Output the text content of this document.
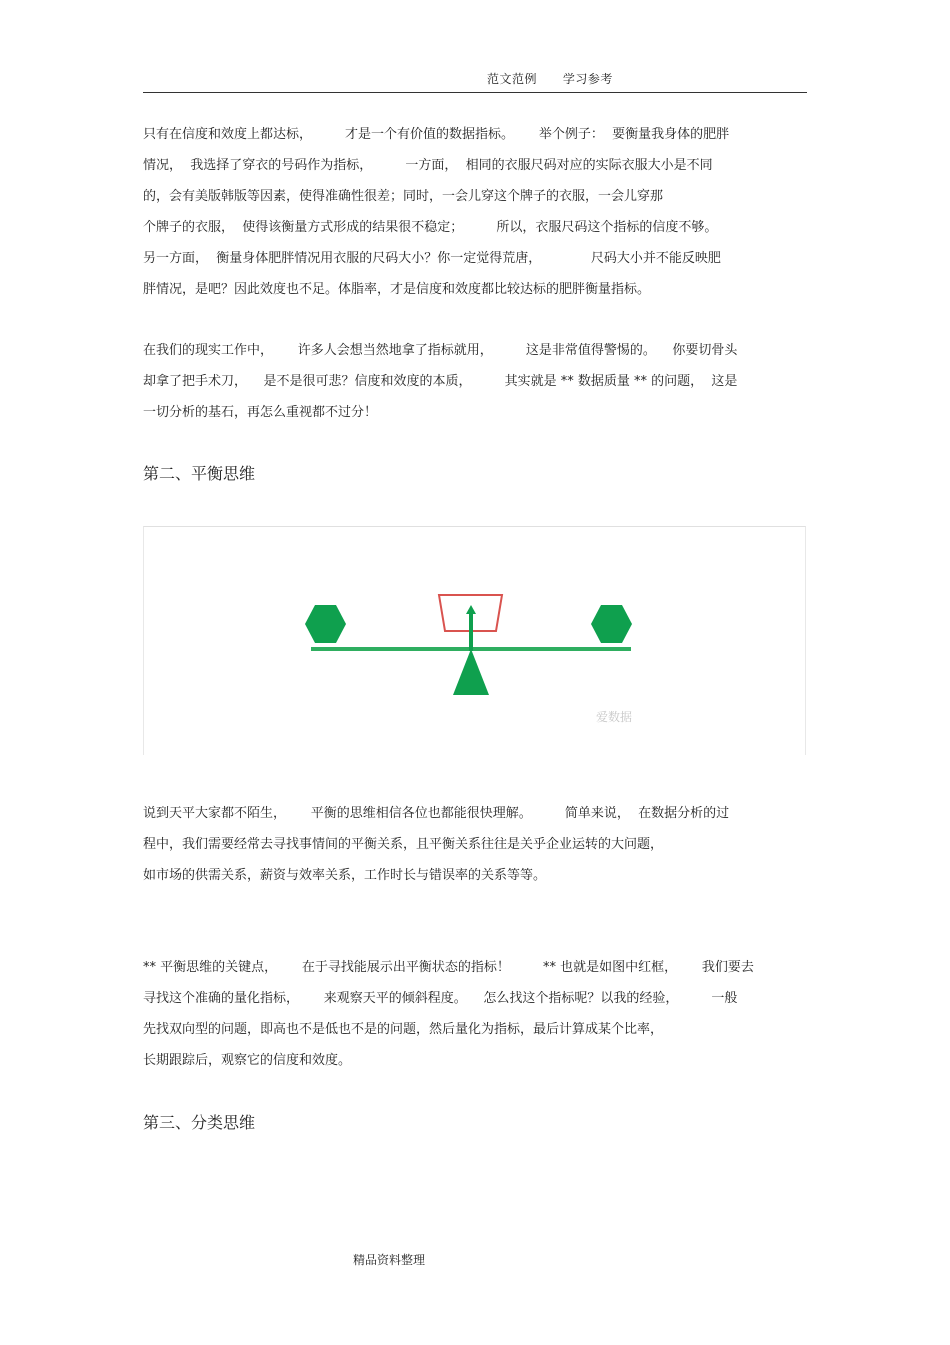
范文范例      学习参考
只有在信度和效度上都达标，        才是一个有价值的数据指标。      举个例子：  要衡量我身体的肥胖
情况，  我选择了穿衣的号码作为指标，        一方面，  相同的衣服尺码对应的实际衣服大小是不同
的，会有美版韩版等因素，使得准确性很差；同时，一会儿穿这个牌子的衣服，一会儿穿那
个牌子的衣服，  使得该衡量方式形成的结果很不稳定；        所以，衣服尺码这个指标的信度不够。
另一方面，  衡量身体肥胖情况用衣服的尺码大小？你一定觉得荒唐，            尺码大小并不能反映肥
胖情况，是吧？因此效度也不足。体脂率，才是信度和效度都比较达标的肥胖衡量指标。
在我们的现实工作中，      许多人会想当然地拿了指标就用，        这是非常值得警惕的。    你要切骨头
却拿了把手术刀，    是不是很可悲？信度和效度的本质，        其实就是 ** 数据质量 ** 的问题，  这是
一切分析的基石，再怎么重视都不过分！
第二、平衡思维
爱数据
说到天平大家都不陌生，      平衡的思维相信各位也都能很快理解。        简单来说，  在数据分析的过
程中，我们需要经常去寻找事情间的平衡关系，且平衡关系往往是关乎企业运转的大问题，
如市场的供需关系，薪资与效率关系，工作时长与错误率的关系等等。
** 平衡思维的关键点，      在于寻找能展示出平衡状态的指标！        ** 也就是如图中红框，      我们要去
寻找这个准确的量化指标，      来观察天平的倾斜程度。    怎么找这个指标呢？以我的经验，        一般
先找双向型的问题，即高也不是低也不是的问题，然后量化为指标，最后计算成某个比率，
长期跟踪后，观察它的信度和效度。
第三、分类思维
精品资料整理
